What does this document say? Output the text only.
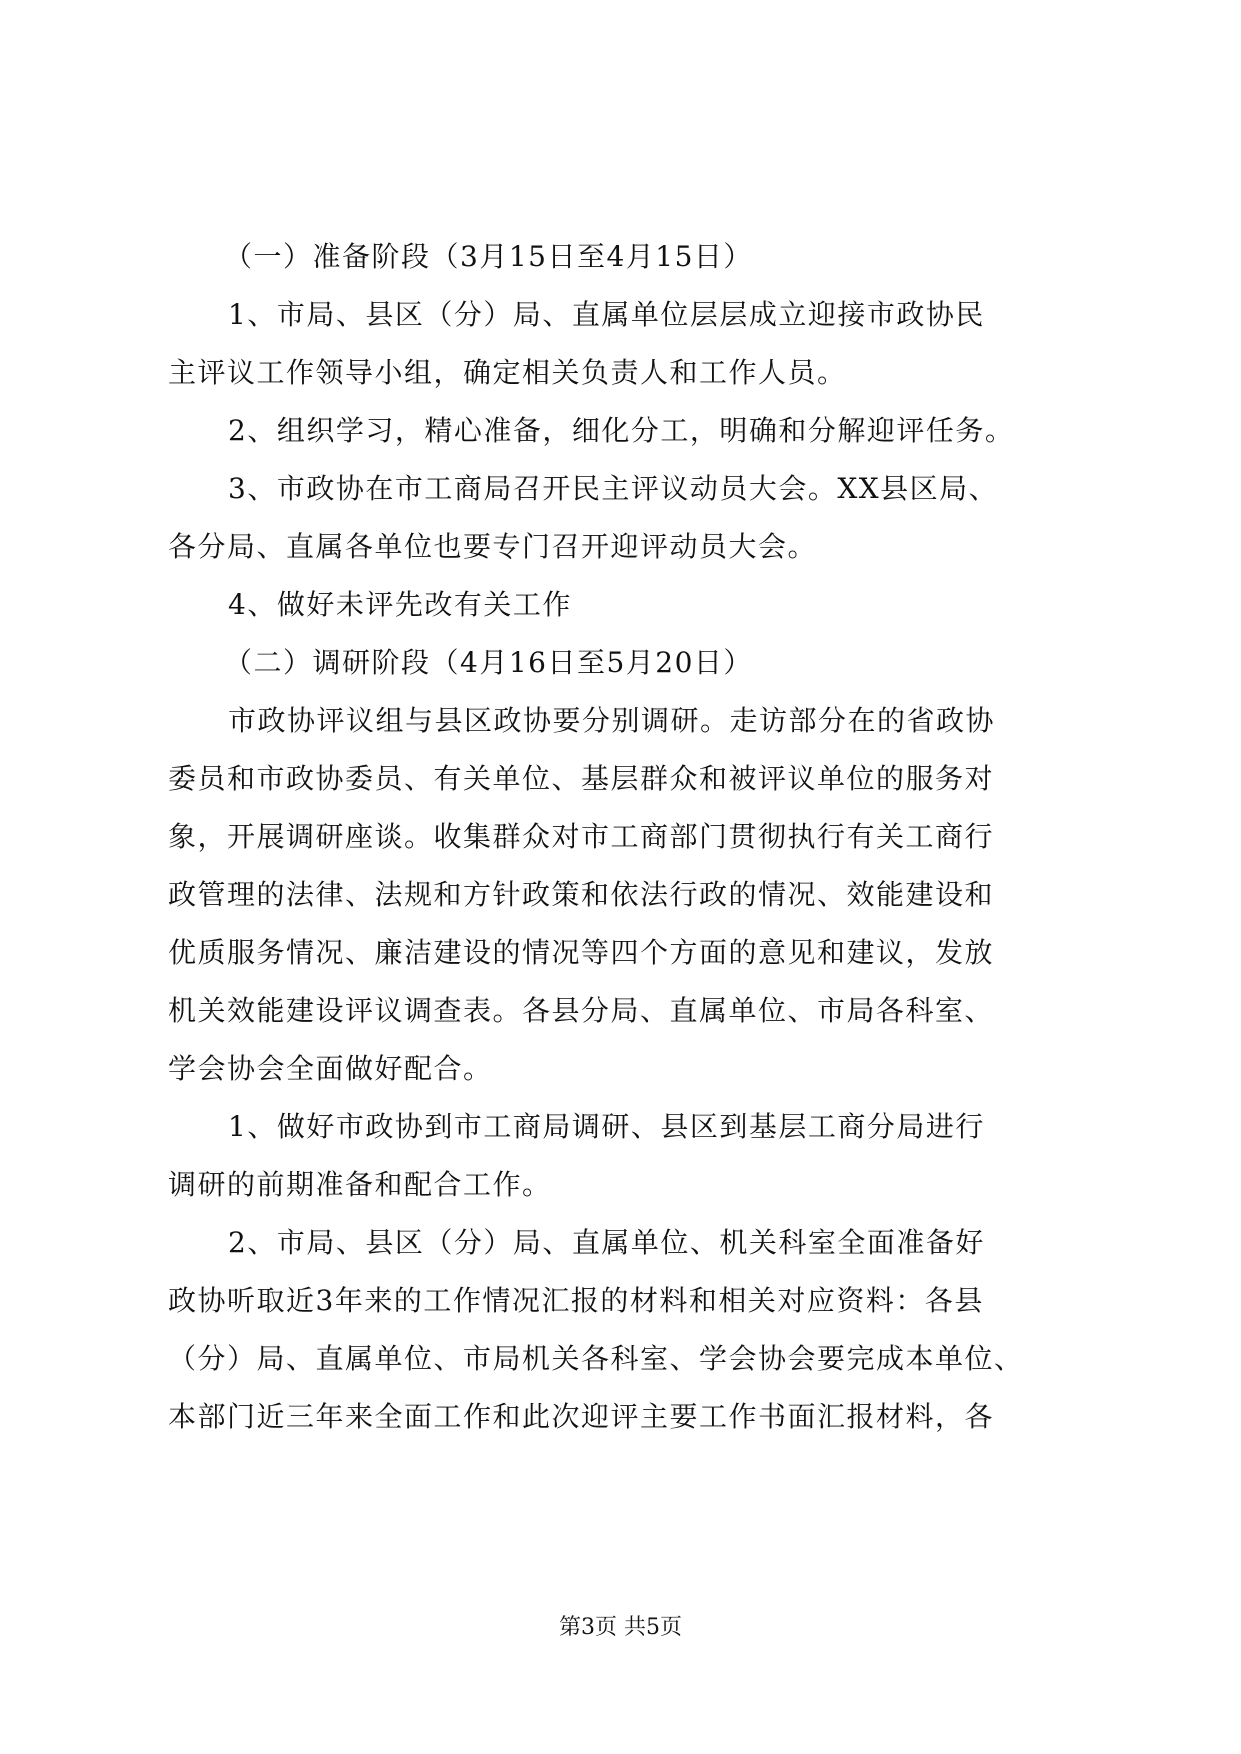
（一）准备阶段（3月15日至4月15日）
1、市局、县区（分）局、直属单位层层成立迎接市政协民
主评议工作领导小组，确定相关负责人和工作人员。
2、组织学习，精心准备，细化分工，明确和分解迎评任务。
3、市政协在市工商局召开民主评议动员大会。XX县区局、
各分局、直属各单位也要专门召开迎评动员大会。
4、做好未评先改有关工作
（二）调研阶段（4月16日至5月20日）
市政协评议组与县区政协要分别调研。走访部分在的省政协
委员和市政协委员、有关单位、基层群众和被评议单位的服务对
象，开展调研座谈。收集群众对市工商部门贯彻执行有关工商行
政管理的法律、法规和方针政策和依法行政的情况、效能建设和
优质服务情况、廉洁建设的情况等四个方面的意见和建议，发放
机关效能建设评议调查表。各县分局、直属单位、市局各科室、
学会协会全面做好配合。
1、做好市政协到市工商局调研、县区到基层工商分局进行
调研的前期准备和配合工作。
2、市局、县区（分）局、直属单位、机关科室全面准备好
政协听取近3年来的工作情况汇报的材料和相关对应资料：各县
（分）局、直属单位、市局机关各科室、学会协会要完成本单位、
本部门近三年来全面工作和此次迎评主要工作书面汇报材料，各
第3页 共5页
